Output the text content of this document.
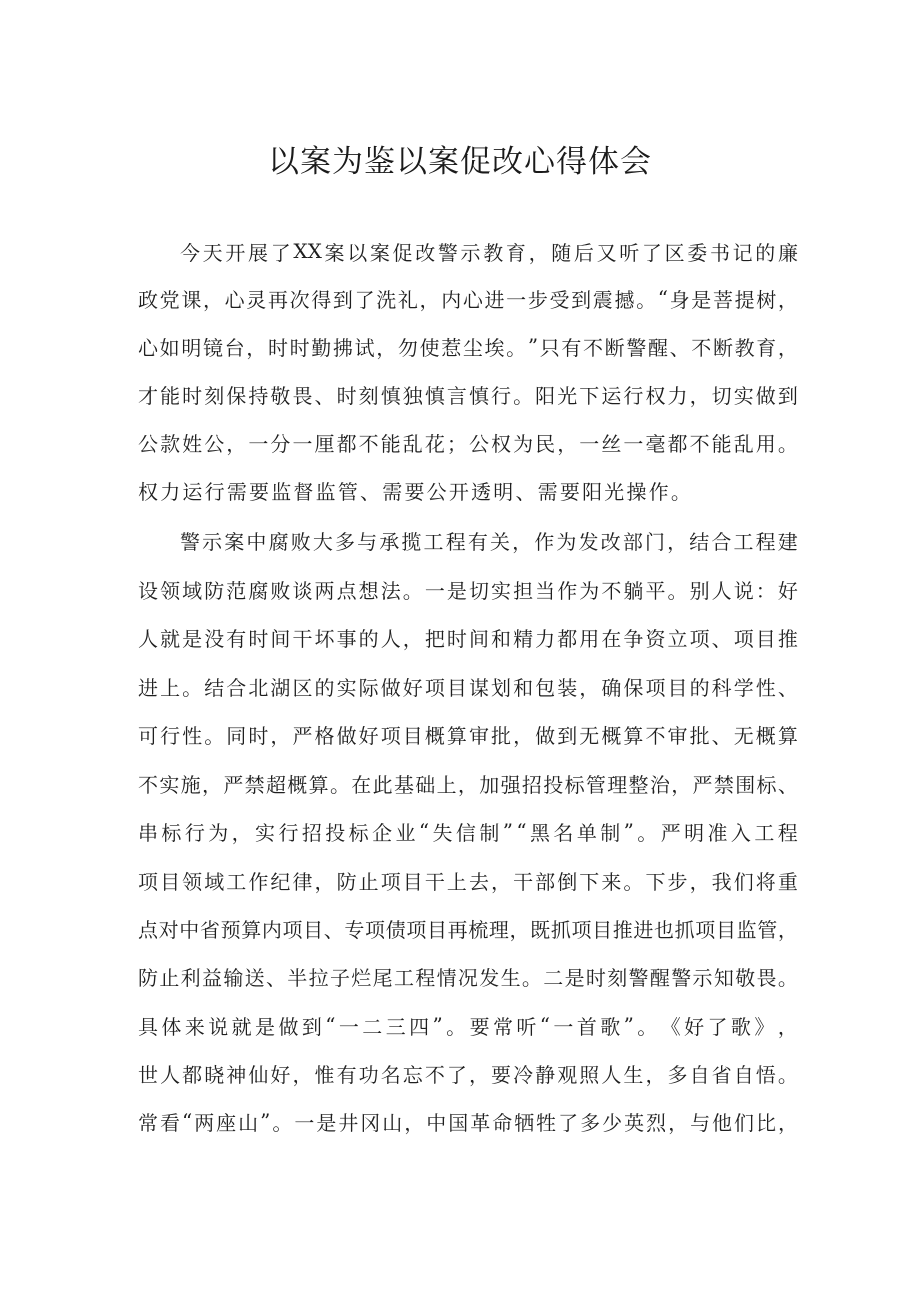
以案为鉴以案促改心得体会

今 天 开 展 了 XX 案 以 案 促 改 警 示 教 育 ， 随 后 又 听 了 区 委 书 记 的 廉

政 党 课 ， 心 灵 再 次 得 到 了 洗 礼 ， 内 心 进 一 步 受 到 震 撼 。 “ 身 是 菩 提 树 ，

心 如 明 镜 台 ， 时 时 勤 拂 试 ， 勿 使 惹 尘 埃 。 ” 只 有 不 断 警 醒 、 不 断 教 育 ，

才 能 时 刻 保 持 敬 畏 、 时 刻 慎 独 慎 言 慎 行 。 阳 光 下 运 行 权 力 ， 切 实 做 到

公 款 姓 公 ， 一 分 一 厘 都 不 能 乱 花 ； 公 权 为 民 ， 一 丝 一 毫 都 不 能 乱 用 。

权 力 运 行 需 要 监 督 监 管 、 需 要 公 开 透 明 、 需 要 阳 光 操 作 。

警 示 案 中 腐 败 大 多 与 承 揽 工 程 有 关 ， 作 为 发 改 部 门 ， 结 合 工 程 建

设 领 域 防 范 腐 败 谈 两 点 想 法 。 一 是 切 实 担 当 作 为 不 躺 平 。 别 人 说 ： 好

人 就 是 没 有 时 间 干 坏 事 的 人 ， 把 时 间 和 精 力 都 用 在 争 资 立 项 、 项 目 推

进 上 。 结 合 北 湖 区 的 实 际 做 好 项 目 谋 划 和 包 装 ， 确 保 项 目 的 科 学 性 、

可 行 性 。 同 时 ， 严 格 做 好 项 目 概 算 审 批 ， 做 到 无 概 算 不 审 批 、 无 概 算

不 实 施 ， 严 禁 超 概 算 。 在 此 基 础 上 ， 加 强 招 投 标 管 理 整 治 ， 严 禁 围 标 、

串 标 行 为 ， 实 行 招 投 标 企 业 “ 失 信 制 ” “ 黑 名 单 制 ” 。 严 明 准 入 工 程

项 目 领 域 工 作 纪 律 ， 防 止 项 目 干 上 去 ， 干 部 倒 下 来 。 下 步 ， 我 们 将 重

点 对 中 省 预 算 内 项 目 、 专 项 债 项 目 再 梳 理 ， 既 抓 项 目 推 进 也 抓 项 目 监 管 ，

防 止 利 益 输 送 、 半 拉 子 烂 尾 工 程 情 况 发 生 。 二 是 时 刻 警 醒 警 示 知 敬 畏 。

具 体 来 说 就 是 做 到 “ 一 二 三 四 ” 。 要 常 听 “ 一 首 歌 ” 。 《 好 了 歌 》 ，

世 人 都 晓 神 仙 好 ， 惟 有 功 名 忘 不 了 ， 要 冷 静 观 照 人 生 ， 多 自 省 自 悟 。

常 看 “ 两 座 山 ” 。 一 是 井 冈 山 ， 中 国 革 命 牺 牲 了 多 少 英 烈 ， 与 他 们 比 ，
